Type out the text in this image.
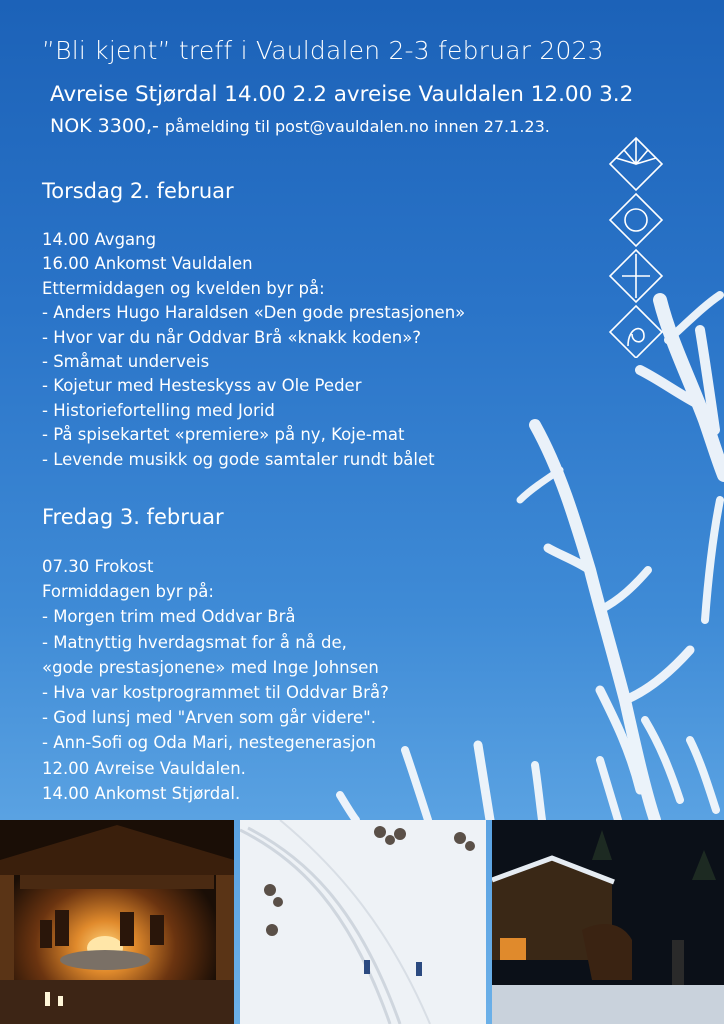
”Bli kjent” treff i Vauldalen 2-3 februar 2023
Avreise Stjørdal 14.00 2.2 avreise Vauldalen 12.00 3.2
NOK 3300,- påmelding til post@vauldalen.no innen 27.1.23.
Torsdag 2. februar
14.00 Avgang
16.00 Ankomst Vauldalen
Ettermiddagen og kvelden byr på:
- Anders Hugo Haraldsen «Den gode prestasjonen»
- Hvor var du når Oddvar Brå «knakk koden»?
- Småmat underveis
- Kojetur med Hesteskyss av Ole Peder
- Historiefortelling med Jorid
- På spisekartet «premiere» på ny, Koje-mat
- Levende musikk og gode samtaler rundt bålet
Fredag 3. februar
07.30 Frokost
Formiddagen byr på:
- Morgen trim med Oddvar Brå
- Matnyttig hverdagsmat for å nå de,
«gode prestasjonene» med Inge Johnsen
- Hva var kostprogrammet til Oddvar Brå?
- God lunsj med "Arven som går videre".
- Ann-Sofi og Oda Mari, nestegenerasjon
12.00 Avreise Vauldalen.
14.00 Ankomst Stjørdal.
